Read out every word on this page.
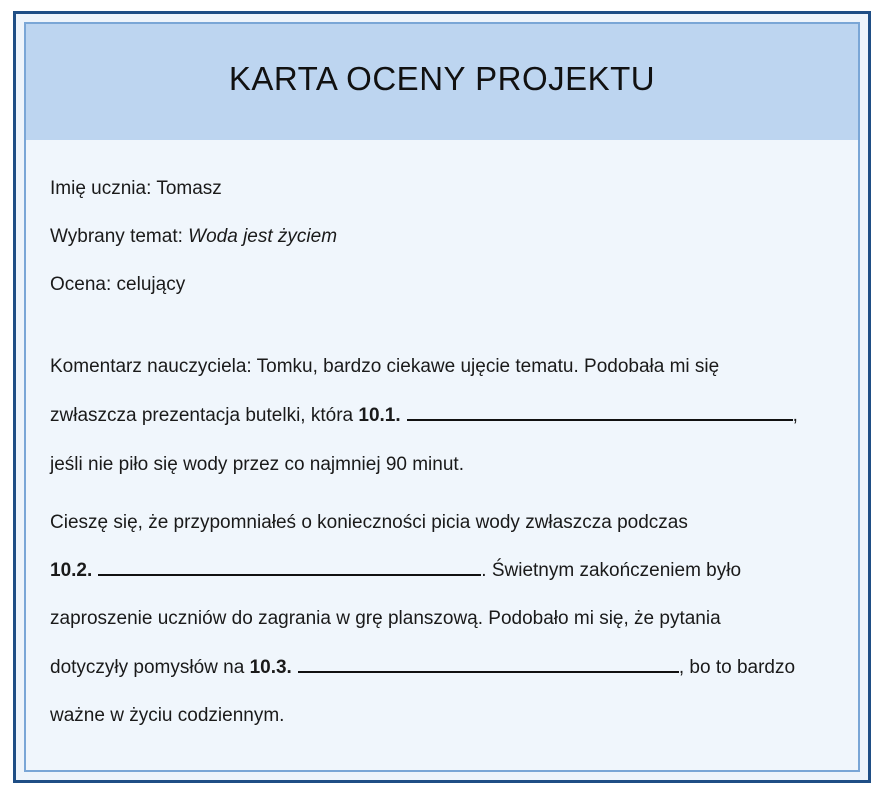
KARTA OCENY PROJEKTU
Imię ucznia: Tomasz
Wybrany temat: Woda jest życiem
Ocena: celujący
Komentarz nauczyciela: Tomku, bardzo ciekawe ujęcie tematu. Podobała mi się
zwłaszcza prezentacja butelki, która 10.1.	,
jeśli nie piło się wody przez co najmniej 90 minut.
Cieszę się, że przypomniałeś o konieczności picia wody zwłaszcza podczas
10.2.	. Świetnym zakończeniem było
zaproszenie uczniów do zagrania w grę planszową. Podobało mi się, że pytania
dotyczyły pomysłów na 10.3.	, bo to bardzo
ważne w życiu codziennym.
